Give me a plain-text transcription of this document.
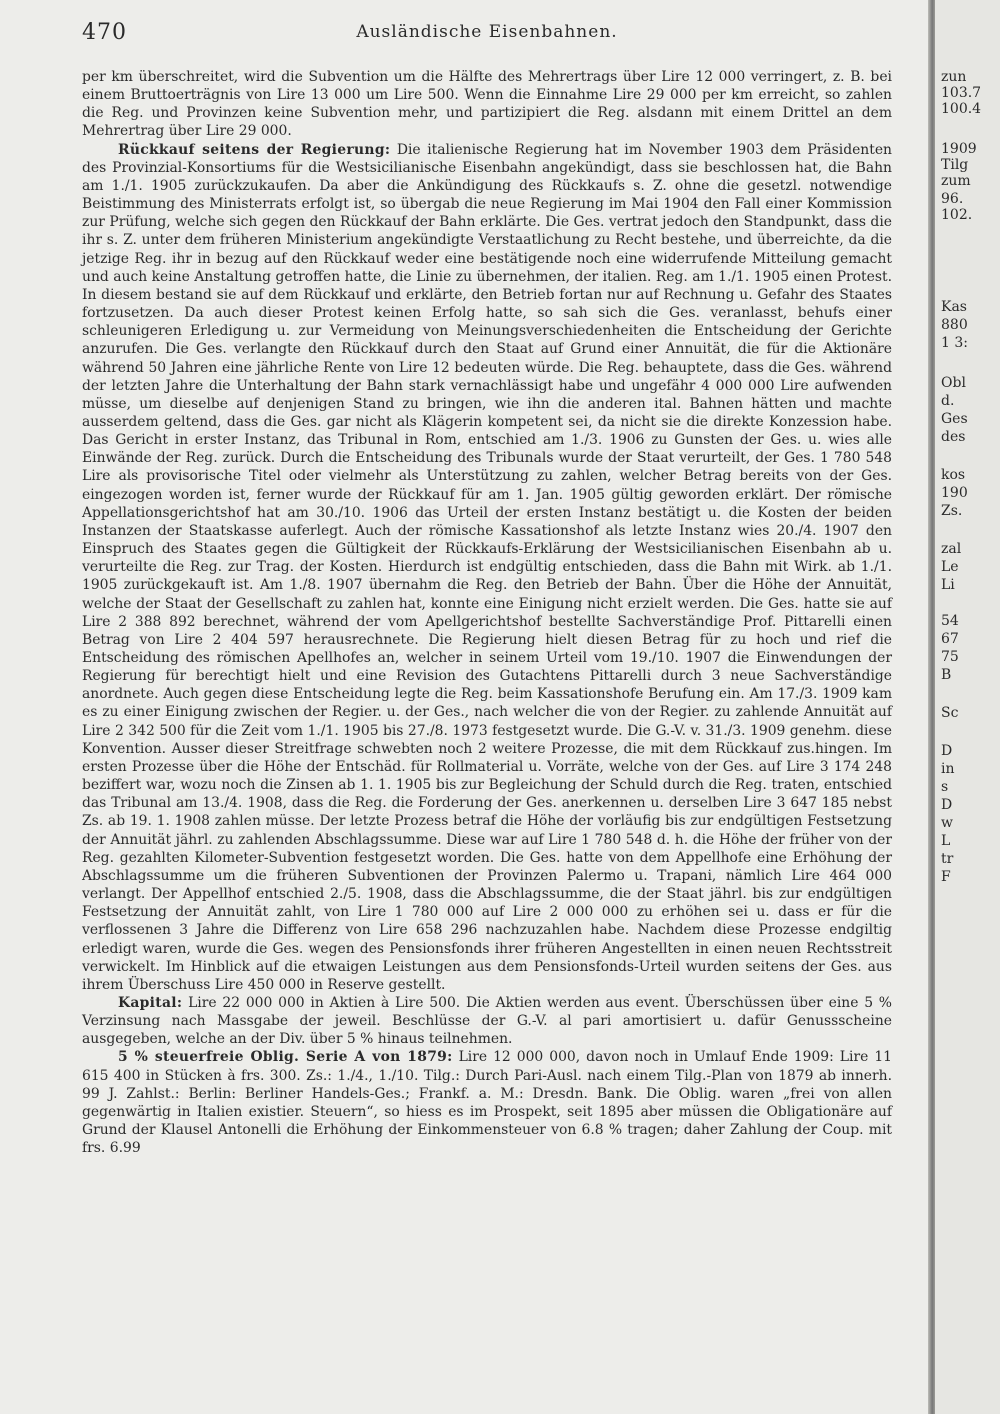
470	Ausländische Eisenbahnen.

per km überschreitet, wird die Subvention um die Hälfte des Mehrertrags über Lire 12 000 verringert, z. B. bei einem Bruttoerträgnis von Lire 13 000 um Lire 500. Wenn die Einnahme Lire 29 000 per km erreicht, so zahlen die Reg. und Provinzen keine Subvention mehr, und partizipiert die Reg. alsdann mit einem Drittel an dem Mehrertrag über Lire 29 000.

Rückkauf seitens der Regierung: Die italienische Regierung hat im November 1903 dem Präsidenten des Provinzial-Konsortiums für die Westsicilianische Eisenbahn angekündigt, dass sie beschlossen hat, die Bahn am 1./1. 1905 zurückzukaufen. Da aber die Ankündigung des Rückkaufs s. Z. ohne die gesetzl. notwendige Beistimmung des Ministerrats erfolgt ist, so übergab die neue Regierung im Mai 1904 den Fall einer Kommission zur Prüfung, welche sich gegen den Rückkauf der Bahn erklärte. Die Ges. vertrat jedoch den Standpunkt, dass die ihr s. Z. unter dem früheren Ministerium angekündigte Verstaatlichung zu Recht bestehe, und überreichte, da die jetzige Reg. ihr in bezug auf den Rückkauf weder eine bestätigende noch eine widerrufende Mitteilung gemacht und auch keine Anstaltung getroffen hatte, die Linie zu übernehmen, der italien. Reg. am 1./1. 1905 einen Protest. In diesem bestand sie auf dem Rückkauf und erklärte, den Betrieb fortan nur auf Rechnung u. Gefahr des Staates fortzusetzen. Da auch dieser Protest keinen Erfolg hatte, so sah sich die Ges. veranlasst, behufs einer schleunigeren Erledigung u. zur Vermeidung von Meinungsverschiedenheiten die Entscheidung der Gerichte anzurufen. Die Ges. verlangte den Rückkauf durch den Staat auf Grund einer Annuität, die für die Aktionäre während 50 Jahren eine jährliche Rente von Lire 12 bedeuten würde. Die Reg. behauptete, dass die Ges. während der letzten Jahre die Unterhaltung der Bahn stark vernachlässigt habe und ungefähr 4 000 000 Lire aufwenden müsse, um dieselbe auf denjenigen Stand zu bringen, wie ihn die anderen ital. Bahnen hätten und machte ausserdem geltend, dass die Ges. gar nicht als Klägerin kompetent sei, da nicht sie die direkte Konzession habe. Das Gericht in erster Instanz, das Tribunal in Rom, entschied am 1./3. 1906 zu Gunsten der Ges. u. wies alle Einwände der Reg. zurück. Durch die Entscheidung des Tribunals wurde der Staat verurteilt, der Ges. 1 780 548 Lire als provisorische Titel oder vielmehr als Unterstützung zu zahlen, welcher Betrag bereits von der Ges. eingezogen worden ist, ferner wurde der Rückkauf für am 1. Jan. 1905 gültig geworden erklärt. Der römische Appellationsgerichtshof hat am 30./10. 1906 das Urteil der ersten Instanz bestätigt u. die Kosten der beiden Instanzen der Staatskasse auferlegt. Auch der römische Kassationshof als letzte Instanz wies 20./4. 1907 den Einspruch des Staates gegen die Gültigkeit der Rückkaufs-Erklärung der Westsicilianischen Eisenbahn ab u. verurteilte die Reg. zur Trag. der Kosten. Hierdurch ist endgültig entschieden, dass die Bahn mit Wirk. ab 1./1. 1905 zurückgekauft ist. Am 1./8. 1907 übernahm die Reg. den Betrieb der Bahn. Über die Höhe der Annuität, welche der Staat der Gesellschaft zu zahlen hat, konnte eine Einigung nicht erzielt werden. Die Ges. hatte sie auf Lire 2 388 892 berechnet, während der vom Apellgerichtshof bestellte Sachverständige Prof. Pittarelli einen Betrag von Lire 2 404 597 herausrechnete. Die Regierung hielt diesen Betrag für zu hoch und rief die Entscheidung des römischen Apellhofes an, welcher in seinem Urteil vom 19./10. 1907 die Einwendungen der Regierung für berechtigt hielt und eine Revision des Gutachtens Pittarelli durch 3 neue Sachverständige anordnete. Auch gegen diese Entscheidung legte die Reg. beim Kassationshofe Berufung ein. Am 17./3. 1909 kam es zu einer Einigung zwischen der Regier. u. der Ges., nach welcher die von der Regier. zu zahlende Annuität auf Lire 2 342 500 für die Zeit vom 1./1. 1905 bis 27./8. 1973 festgesetzt wurde. Die G.-V. v. 31./3. 1909 genehm. diese Konvention. Ausser dieser Streitfrage schwebten noch 2 weitere Prozesse, die mit dem Rückkauf zus.hingen. Im ersten Prozesse über die Höhe der Entschäd. für Rollmaterial u. Vorräte, welche von der Ges. auf Lire 3 174 248 beziffert war, wozu noch die Zinsen ab 1. 1. 1905 bis zur Begleichung der Schuld durch die Reg. traten, entschied das Tribunal am 13./4. 1908, dass die Reg. die Forderung der Ges. anerkennen u. derselben Lire 3 647 185 nebst Zs. ab 19. 1. 1908 zahlen müsse. Der letzte Prozess betraf die Höhe der vorläufig bis zur endgültigen Festsetzung der Annuität jährl. zu zahlenden Abschlagssumme. Diese war auf Lire 1 780 548 d. h. die Höhe der früher von der Reg. gezahlten Kilometer-Subvention festgesetzt worden. Die Ges. hatte von dem Appellhofe eine Erhöhung der Abschlagssumme um die früheren Subventionen der Provinzen Palermo u. Trapani, nämlich Lire 464 000 verlangt. Der Appellhof entschied 2./5. 1908, dass die Abschlagssumme, die der Staat jährl. bis zur endgültigen Festsetzung der Annuität zahlt, von Lire 1 780 000 auf Lire 2 000 000 zu erhöhen sei u. dass er für die verflossenen 3 Jahre die Differenz von Lire 658 296 nachzuzahlen habe. Nachdem diese Prozesse endgiltig erledigt waren, wurde die Ges. wegen des Pensionsfonds ihrer früheren Angestellten in einen neuen Rechtsstreit verwickelt. Im Hinblick auf die etwaigen Leistungen aus dem Pensionsfonds-Urteil wurden seitens der Ges. aus ihrem Überschuss Lire 450 000 in Reserve gestellt.

Kapital: Lire 22 000 000 in Aktien à Lire 500. Die Aktien werden aus event. Überschüssen über eine 5 % Verzinsung nach Massgabe der jeweil. Beschlüsse der G.-V. al pari amortisiert u. dafür Genussscheine ausgegeben, welche an der Div. über 5 % hinaus teilnehmen.

5 % steuerfreie Oblig. Serie A von 1879: Lire 12 000 000, davon noch in Umlauf Ende 1909: Lire 11 615 400 in Stücken à frs. 300. Zs.: 1./4., 1./10. Tilg.: Durch Pari-Ausl. nach einem Tilg.-Plan von 1879 ab innerh. 99 J. Zahlst.: Berlin: Berliner Handels-Ges.; Frankf. a. M.: Dresdn. Bank. Die Oblig. waren „frei von allen gegenwärtig in Italien existier. Steuern“, so hiess es im Prospekt, seit 1895 aber müssen die Obligationäre auf Grund der Klausel Antonelli die Erhöhung der Einkommensteuer von 6.8 % tragen; daher Zahlung der Coup. mit frs. 6.99

zun
103.7
100.4
1909
Tilg
zum
96.
102.
Kas
880
1 3:
Obl
d.
Ges
des
kos
190
Zs.
zal
Le
Li
54
67
75
B
Sc
D
in
s
D
w
L
tr
F
